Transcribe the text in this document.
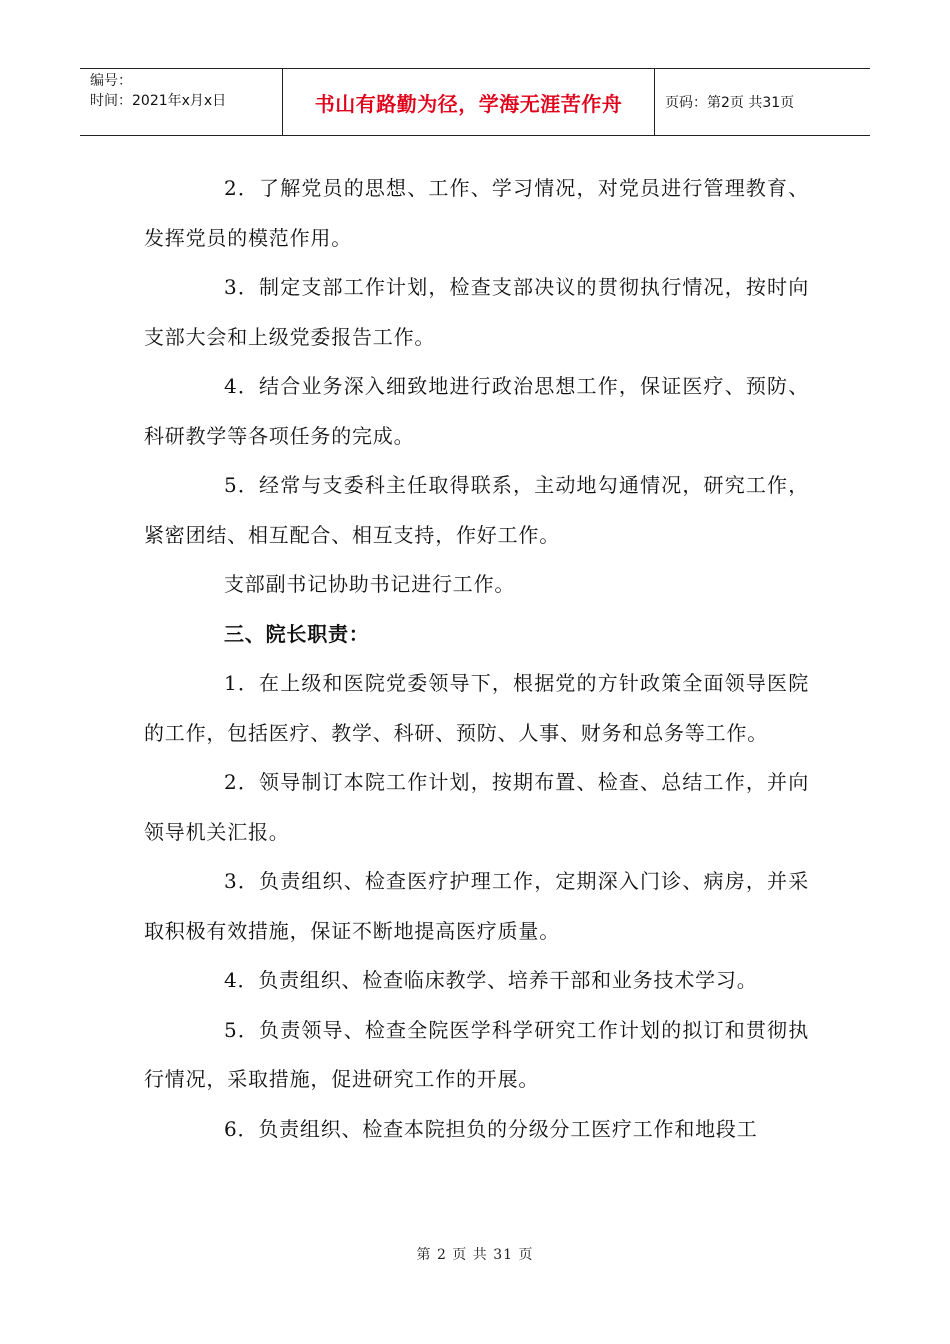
编号：
时间：2021年x月x日	书山有路勤为径，学海无涯苦作舟	页码：第2页 共31页

2．了解党员的思想、工作、学习情况，对党员进行管理教育、发挥党员的模范作用。

3．制定支部工作计划，检查支部决议的贯彻执行情况，按时向支部大会和上级党委报告工作。

4．结合业务深入细致地进行政治思想工作，保证医疗、预防、科研教学等各项任务的完成。

5．经常与支委科主任取得联系，主动地勾通情况，研究工作，紧密团结、相互配合、相互支持，作好工作。

支部副书记协助书记进行工作。

三、院长职责：

1．在上级和医院党委领导下，根据党的方针政策全面领导医院的工作，包括医疗、教学、科研、预防、人事、财务和总务等工作。

2．领导制订本院工作计划，按期布置、检查、总结工作，并向领导机关汇报。

3．负责组织、检查医疗护理工作，定期深入门诊、病房，并采取积极有效措施，保证不断地提高医疗质量。

4．负责组织、检查临床教学、培养干部和业务技术学习。

5．负责领导、检查全院医学科学研究工作计划的拟订和贯彻执行情况，采取措施，促进研究工作的开展。

6．负责组织、检查本院担负的分级分工医疗工作和地段工

第 2 页 共 31 页
